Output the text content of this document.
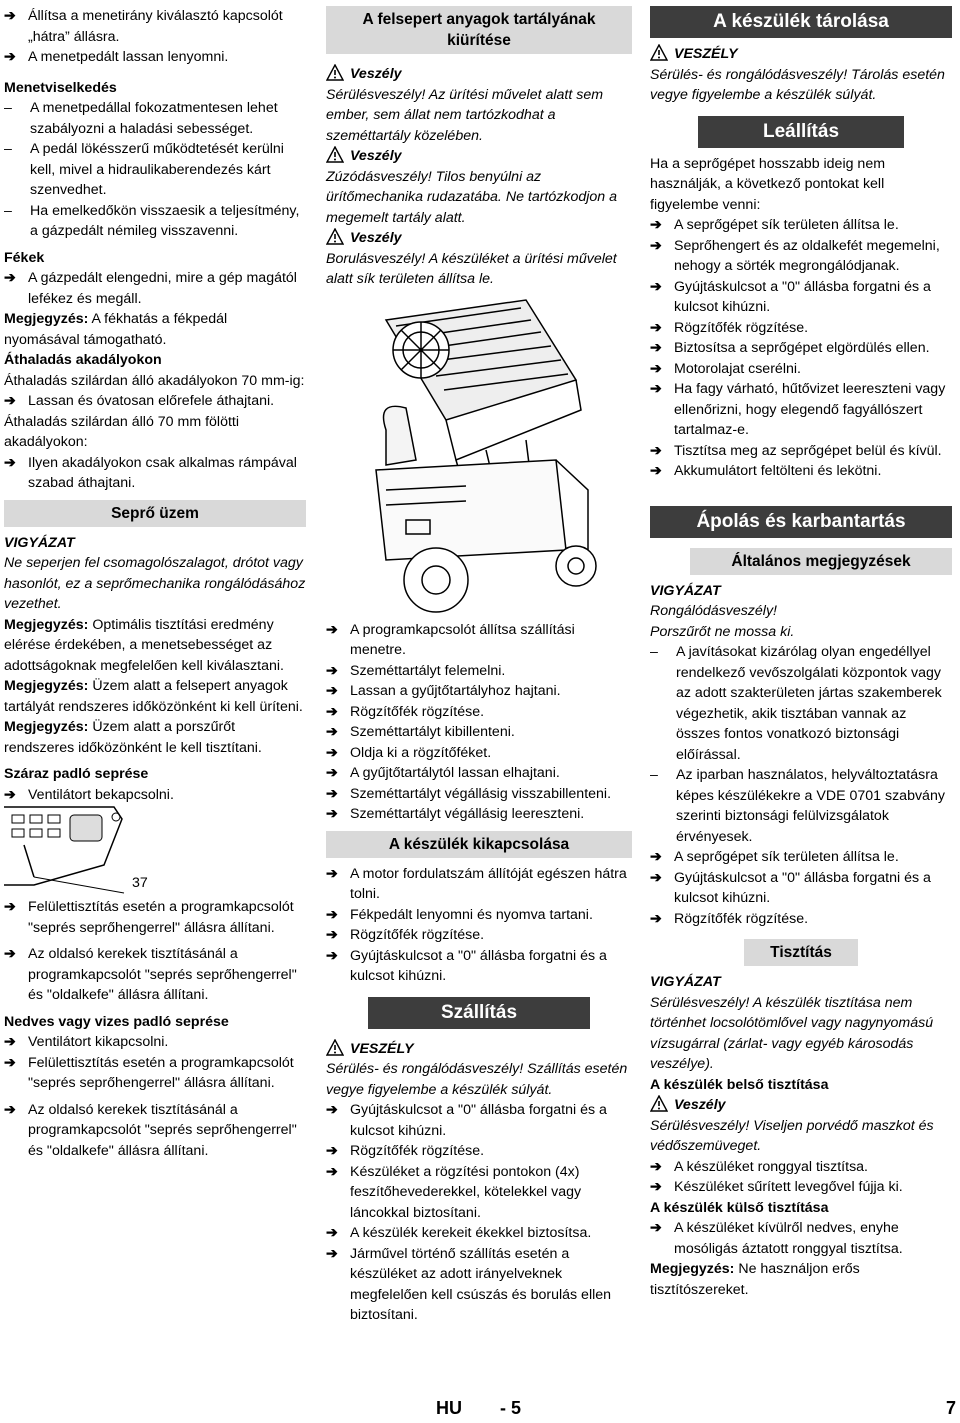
➔ Állítsa a menetirány kiválasztó kapcsolót „hátra” állásra.

➔ A menetpedált lassan lenyomni.

Menetviselkedés

– A menetpedállal fokozatmentesen lehet szabályozni a haladási sebességet.

– A pedál lökésszerű működtetését kerülni kell, mivel a hidraulikaberendezés kárt szenvedhet.

– Ha emelkedőkön visszaesik a teljesítmény, a gázpedált némileg visszavenni.

Fékek

➔ A gázpedált elengedni, mire a gép magától lefékez és megáll.

Megjegyzés: A fékhatás a fékpedál nyomásával támogatható.

Áthaladás akadályokon

Áthaladás szilárdan álló akadályokon 70 mm-ig:

➔ Lassan és óvatosan előrefele áthajtani.

Áthaladás szilárdan álló 70 mm fölötti akadályokon:

➔ Ilyen akadályokon csak alkalmas rámpával szabad áthajtani.

Seprő üzem

VIGYÁZAT

Ne seperjen fel csomagolószalagot, drótot vagy hasonlót, ez a seprőmechanika rongálódásához vezethet.

Megjegyzés: Optimális tisztítási eredmény elérése érdekében, a menetsebességet az adottságoknak megfelelően kell kiválasztani.

Megjegyzés: Üzem alatt a felsepert anyagok tartályát rendszeres időközönként ki kell üríteni.

Megjegyzés: Üzem alatt a porszűrőt rendszeres időközönként le kell tisztítani.

Száraz padló seprése

➔ Ventilátort bekapcsolni.

37

➔ Felülettisztítás esetén a programkapcsolót "seprés seprőhengerrel" állásra állítani.

➔ Az oldalsó kerekek tisztításánál a programkapcsolót "seprés seprőhengerrel" és "oldalkefe" állásra állítani.

Nedves vagy vizes padló seprése

➔ Ventilátort kikapcsolni.

➔ Felülettisztítás esetén a programkapcsolót "seprés seprőhengerrel" állásra állítani.

➔ Az oldalsó kerekek tisztításánál a programkapcsolót "seprés seprőhengerrel" és "oldalkefe" állásra állítani.

A felsepert anyagok tartályának kiürítése

Veszély

Sérülésveszély! Az ürítési művelet alatt sem ember, sem állat nem tartózkodhat a szeméttartály közelében.

Veszély

Zúzódásveszély! Tilos benyúlni az ürítőmechanika rudazatába. Ne tartózkodjon a megemelt tartály alatt.

Veszély

Borulásveszély! A készüléket a ürítési művelet alatt sík területen állítsa le.

➔ A programkapcsolót állítsa szállítási menetre.

➔ Szeméttartályt felemelni.

➔ Lassan a gyűjtőtartályhoz hajtani.

➔ Rögzítőfék rögzítése.

➔ Szeméttartályt kibillenteni.

➔ Oldja ki a rögzítőféket.

➔ A gyűjtőtartálytól lassan elhajtani.

➔ Szeméttartályt végállásig visszabillenteni.

➔ Szeméttartályt végállásig leereszteni.

A készülék kikapcsolása

➔ A motor fordulatszám állítóját egészen hátra tolni.

➔ Fékpedált lenyomni és nyomva tartani.

➔ Rögzítőfék rögzítése.

➔ Gyújtáskulcsot a "0" állásba forgatni és a kulcsot kihúzni.

Szállítás

VESZÉLY

Sérülés- és rongálódásveszély! Szállítás esetén vegye figyelembe a készülék súlyát.

➔ Gyújtáskulcsot a "0" állásba forgatni és a kulcsot kihúzni.

➔ Rögzítőfék rögzítése.

➔ Készüléket a rögzítési pontokon (4x) feszítőhevederekkel, kötelekkel vagy láncokkal biztosítani.

➔ A készülék kerekeit ékekkel biztosítsa.

➔ Járművel történő szállítás esetén a készüléket az adott irányelveknek megfelelően kell csúszás és borulás ellen biztosítani.

A készülék tárolása

VESZÉLY

Sérülés- és rongálódásveszély! Tárolás esetén vegye figyelembe a készülék súlyát.

Leállítás

Ha a seprőgépet hosszabb ideig nem használják, a következő pontokat kell figyelembe venni:

➔ A seprőgépet sík területen állítsa le.

➔ Seprőhengert és az oldalkefét megemelni, nehogy a sörték megrongálódjanak.

➔ Gyújtáskulcsot a "0" állásba forgatni és a kulcsot kihúzni.

➔ Rögzítőfék rögzítése.

➔ Biztosítsa a seprőgépet elgördülés ellen.

➔ Motorolajat cserélni.

➔ Ha fagy várható, hűtővizet leereszteni vagy ellenőrizni, hogy elegendő fagyállószert tartalmaz-e.

➔ Tisztítsa meg az seprőgépet belül és kívül.

➔ Akkumulátort feltölteni és lekötni.

Ápolás és karbantartás
Általános megjegyzések

VIGYÁZAT

Rongálódásveszély!

Porszűrőt ne mossa ki.

– A javításokat kizárólag olyan engedéllyel rendelkező vevőszolgálati központok vagy az adott szakterületen jártas szakemberek végezhetik, akik tisztában vannak az összes fontos vonatkozó biztonsági előírással.

– Az iparban használatos, helyváltoztatásra képes készülékekre a VDE 0701 szabvány szerinti biztonsági felülvizsgálatok érvényesek.

➔ A seprőgépet sík területen állítsa le.

➔ Gyújtáskulcsot a "0" állásba forgatni és a kulcsot kihúzni.

➔ Rögzítőfék rögzítése.

Tisztítás

VIGYÁZAT

Sérülésveszély! A készülék tisztítása nem történhet locsolótömlővel vagy nagynyomású vízsugárral (zárlat- vagy egyéb károsodás veszélye).

A készülék belső tisztítása

Veszély

Sérülésveszély! Viseljen porvédő maszkot és védőszemüveget.

➔ A készüléket ronggyal tisztítsa.

➔ Készüléket sűrített levegővel fújja ki.

A készülék külső tisztítása

➔ A készüléket kívülről nedves, enyhe mosóligás áztatott ronggyal tisztítsa.

Megjegyzés: Ne használjon erős tisztítószereket.

HU - 5	7
